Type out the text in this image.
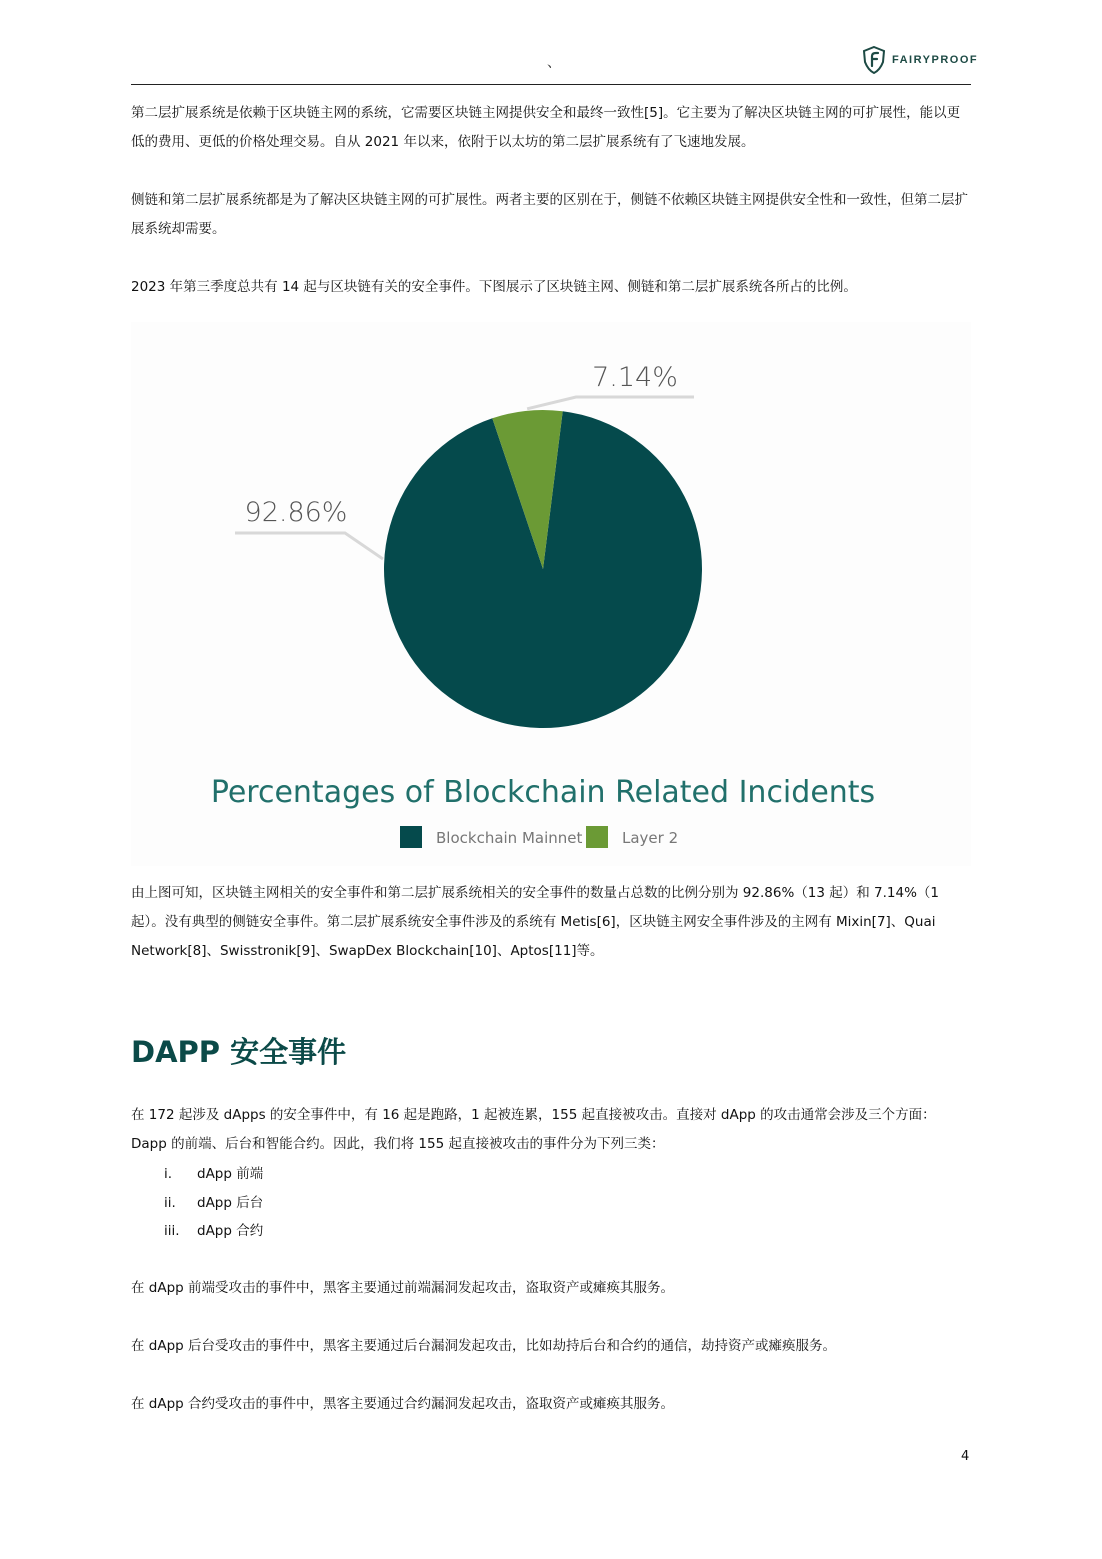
、	FAIRYPROOF

第二层扩展系统是依赖于区块链主网的系统，它需要区块链主网提供安全和最终一致性[5]。它主要为了解决区块链主网的可扩展性，能以更低的费用、更低的价格处理交易。自从 2021 年以来，依附于以太坊的第二层扩展系统有了飞速地发展。

侧链和第二层扩展系统都是为了解决区块链主网的可扩展性。两者主要的区别在于，侧链不依赖区块链主网提供安全性和一致性，但第二层扩展系统却需要。

2023 年第三季度总共有 14 起与区块链有关的安全事件。下图展示了区块链主网、侧链和第二层扩展系统各所占的比例。

92.86%
7.14%
Percentages of Blockchain Related Incidents
Blockchain Mainnet	Layer 2

由上图可知，区块链主网相关的安全事件和第二层扩展系统相关的安全事件的数量占总数的比例分别为 92.86%（13 起）和 7.14%（1 起）。没有典型的侧链安全事件。第二层扩展系统安全事件涉及的系统有 Metis[6]，区块链主网安全事件涉及的主网有 Mixin[7]、Quai Network[8]、Swisstronik[9]、SwapDex Blockchain[10]、Aptos[11]等。

DAPP 安全事件

在 172 起涉及 dApps 的安全事件中，有 16 起是跑路，1 起被连累，155 起直接被攻击。直接对 dApp 的攻击通常会涉及三个方面：Dapp 的前端、后台和智能合约。因此，我们将 155 起直接被攻击的事件分为下列三类：

i.	dApp 前端
ii.	dApp 后台
iii.	dApp 合约

在 dApp 前端受攻击的事件中，黑客主要通过前端漏洞发起攻击，盗取资产或瘫痪其服务。

在 dApp 后台受攻击的事件中，黑客主要通过后台漏洞发起攻击，比如劫持后台和合约的通信，劫持资产或瘫痪服务。

在 dApp 合约受攻击的事件中，黑客主要通过合约漏洞发起攻击，盗取资产或瘫痪其服务。

4
